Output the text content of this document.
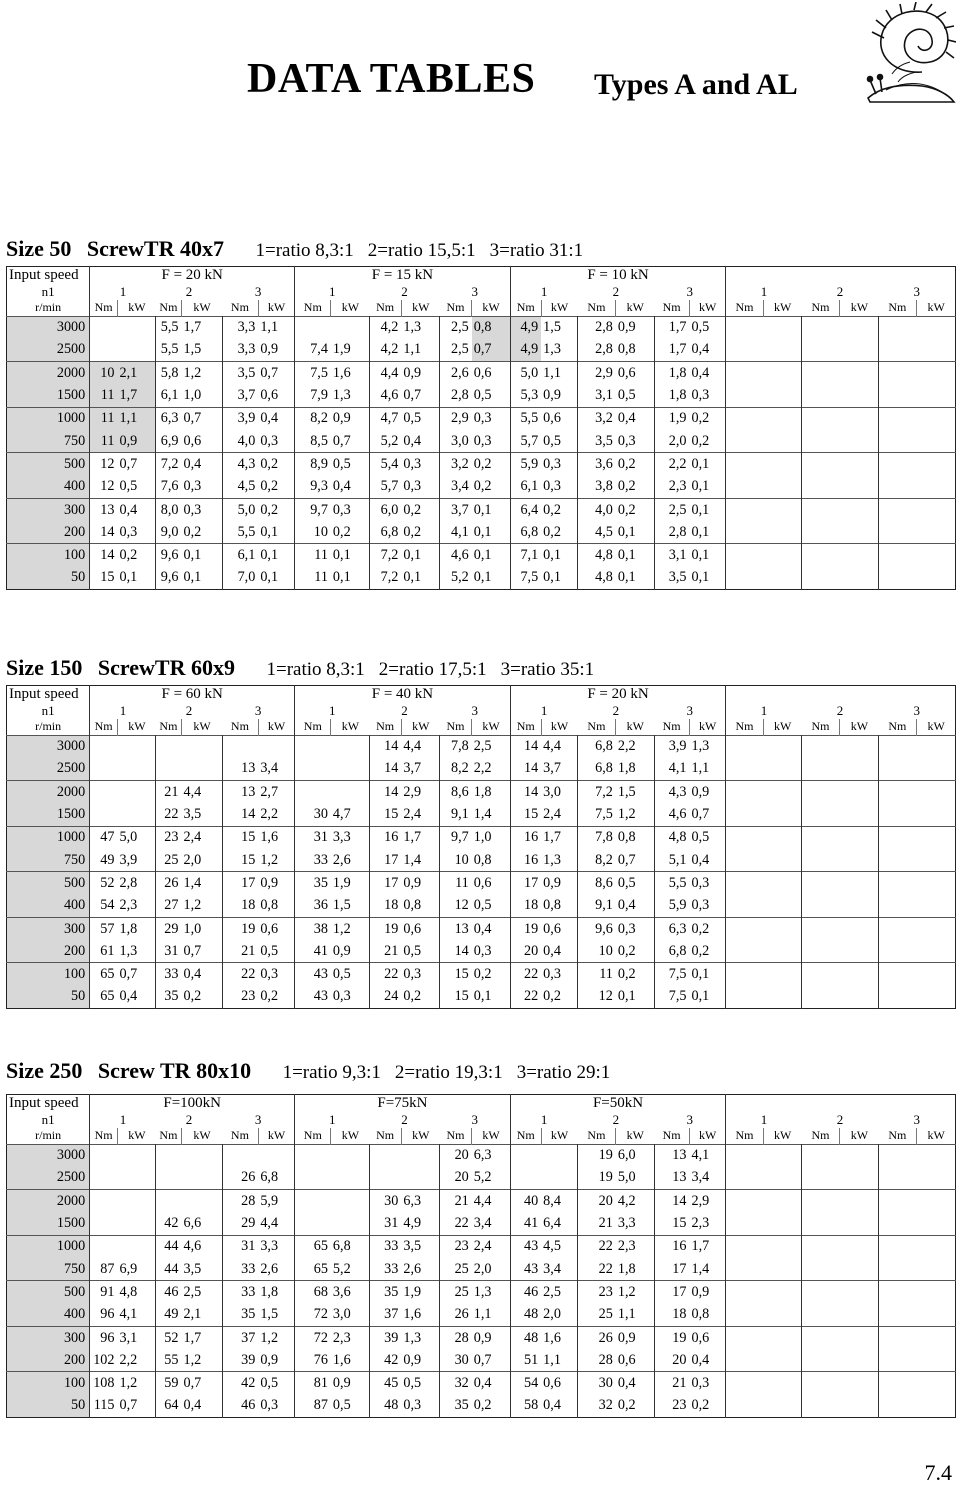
DATA TABLES Types A and AL
Size 50 ScrewTR 40x7 1=ratio 8,3:1 2=ratio 15,5:1 3=ratio 31:1
Input speed	F = 20 kN						F = 15 kN						F = 10 kN											
n1	1		2		3		1		2		3		1		2		3		1		2		3	
r/min	Nm	kW	Nm	kW	Nm	kW	Nm	kW	Nm	kW	Nm	kW	Nm	kW	Nm	kW	Nm	kW	Nm	kW	Nm	kW	Nm	kW
3000			5,5	1,7	3,3	1,1			4,2	1,3	2,5	0,8	4,9	1,5	2,8	0,9	1,7	0,5						
2500			5,5	1,5	3,3	0,9	7,4	1,9	4,2	1,1	2,5	0,7	4,9	1,3	2,8	0,8	1,7	0,4						
2000	10	2,1	5,8	1,2	3,5	0,7	7,5	1,6	4,4	0,9	2,6	0,6	5,0	1,1	2,9	0,6	1,8	0,4						
1500	11	1,7	6,1	1,0	3,7	0,6	7,9	1,3	4,6	0,7	2,8	0,5	5,3	0,9	3,1	0,5	1,8	0,3						
1000	11	1,1	6,3	0,7	3,9	0,4	8,2	0,9	4,7	0,5	2,9	0,3	5,5	0,6	3,2	0,4	1,9	0,2						
750	11	0,9	6,9	0,6	4,0	0,3	8,5	0,7	5,2	0,4	3,0	0,3	5,7	0,5	3,5	0,3	2,0	0,2						
500	12	0,7	7,2	0,4	4,3	0,2	8,9	0,5	5,4	0,3	3,2	0,2	5,9	0,3	3,6	0,2	2,2	0,1						
400	12	0,5	7,6	0,3	4,5	0,2	9,3	0,4	5,7	0,3	3,4	0,2	6,1	0,3	3,8	0,2	2,3	0,1						
300	13	0,4	8,0	0,3	5,0	0,2	9,7	0,3	6,0	0,2	3,7	0,1	6,4	0,2	4,0	0,2	2,5	0,1						
200	14	0,3	9,0	0,2	5,5	0,1	10	0,2	6,8	0,2	4,1	0,1	6,8	0,2	4,5	0,1	2,8	0,1						
100	14	0,2	9,6	0,1	6,1	0,1	11	0,1	7,2	0,1	4,6	0,1	7,1	0,1	4,8	0,1	3,1	0,1						
50	15	0,1	9,6	0,1	7,0	0,1	11	0,1	7,2	0,1	5,2	0,1	7,5	0,1	4,8	0,1	3,5	0,1						
Size 150 ScrewTR 60x9 1=ratio 8,3:1 2=ratio 17,5:1 3=ratio 35:1
Input speed	F = 60 kN						F = 40 kN						F = 20 kN											
n1	1		2		3		1		2		3		1		2		3		1		2		3	
r/min	Nm	kW	Nm	kW	Nm	kW	Nm	kW	Nm	kW	Nm	kW	Nm	kW	Nm	kW	Nm	kW	Nm	kW	Nm	kW	Nm	kW
3000									14	4,4	7,8	2,5	14	4,4	6,8	2,2	3,9	1,3						
2500					13	3,4			14	3,7	8,2	2,2	14	3,7	6,8	1,8	4,1	1,1						
2000			21	4,4	13	2,7			14	2,9	8,6	1,8	14	3,0	7,2	1,5	4,3	0,9						
1500			22	3,5	14	2,2	30	4,7	15	2,4	9,1	1,4	15	2,4	7,5	1,2	4,6	0,7						
1000	47	5,0	23	2,4	15	1,6	31	3,3	16	1,7	9,7	1,0	16	1,7	7,8	0,8	4,8	0,5						
750	49	3,9	25	2,0	15	1,2	33	2,6	17	1,4	10	0,8	16	1,3	8,2	0,7	5,1	0,4						
500	52	2,8	26	1,4	17	0,9	35	1,9	17	0,9	11	0,6	17	0,9	8,6	0,5	5,5	0,3						
400	54	2,3	27	1,2	18	0,8	36	1,5	18	0,8	12	0,5	18	0,8	9,1	0,4	5,9	0,3						
300	57	1,8	29	1,0	19	0,6	38	1,2	19	0,6	13	0,4	19	0,6	9,6	0,3	6,3	0,2						
200	61	1,3	31	0,7	21	0,5	41	0,9	21	0,5	14	0,3	20	0,4	10	0,2	6,8	0,2						
100	65	0,7	33	0,4	22	0,3	43	0,5	22	0,3	15	0,2	22	0,3	11	0,2	7,5	0,1						
50	65	0,4	35	0,2	23	0,2	43	0,3	24	0,2	15	0,1	22	0,2	12	0,1	7,5	0,1						
Size 250 Screw TR 80x10 1=ratio 9,3:1 2=ratio 19,3:1 3=ratio 29:1
Input speed	F=100kN						F=75kN						F=50kN											
n1	1		2		3		1		2		3		1		2		3		1		2		3	
r/min	Nm	kW	Nm	kW	Nm	kW	Nm	kW	Nm	kW	Nm	kW	Nm	kW	Nm	kW	Nm	kW	Nm	kW	Nm	kW	Nm	kW
3000											20	6,3			19	6,0	13	4,1						
2500					26	6,8					20	5,2			19	5,0	13	3,4						
2000					28	5,9			30	6,3	21	4,4	40	8,4	20	4,2	14	2,9						
1500			42	6,6	29	4,4			31	4,9	22	3,4	41	6,4	21	3,3	15	2,3						
1000			44	4,6	31	3,3	65	6,8	33	3,5	23	2,4	43	4,5	22	2,3	16	1,7						
750	87	6,9	44	3,5	33	2,6	65	5,2	33	2,6	25	2,0	43	3,4	22	1,8	17	1,4						
500	91	4,8	46	2,5	33	1,8	68	3,6	35	1,9	25	1,3	46	2,5	23	1,2	17	0,9						
400	96	4,1	49	2,1	35	1,5	72	3,0	37	1,6	26	1,1	48	2,0	25	1,1	18	0,8						
300	96	3,1	52	1,7	37	1,2	72	2,3	39	1,3	28	0,9	48	1,6	26	0,9	19	0,6						
200	102	2,2	55	1,2	39	0,9	76	1,6	42	0,9	30	0,7	51	1,1	28	0,6	20	0,4						
100	108	1,2	59	0,7	42	0,5	81	0,9	45	0,5	32	0,4	54	0,6	30	0,4	21	0,3						
50	115	0,7	64	0,4	46	0,3	87	0,5	48	0,3	35	0,2	58	0,4	32	0,2	23	0,2						
7.4
